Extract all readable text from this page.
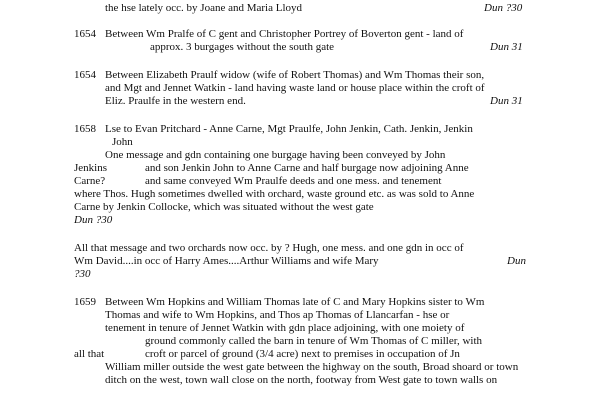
the hse lately occ. by Joane and Maria Lloyd	Dun ?30
1654 Between Wm Pralfe of C gent and Christopher Portrey of Boverton gent - land of
approx. 3 burgages without the south gate	Dun 31
1654 Between Elizabeth Praulf widow (wife of Robert Thomas) and Wm Thomas their son,
and Mgt and Jennet Watkin - land having waste land or house place within the croft of
Eliz. Praulfe in the western end.	Dun 31
1658 Lse to Evan Pritchard - Anne Carne, Mgt Praulfe, John Jenkin, Cath. Jenkin, Jenkin
John
One message and gdn containing one burgage having been conveyed by John
Jenkins	and son Jenkin John to Anne Carne and half burgage now adjoining Anne
Carne?	and same conveyed Wm Praulfe deeds and one mess. and tenement
where Thos. Hugh sometimes dwelled with orchard, waste ground etc. as was sold to Anne
Carne by Jenkin Collocke, which was situated without the west gate
Dun ?30
All that message and two orchards now occ. by ? Hugh, one mess. and one gdn in occ of
Wm David....in occ of Harry Ames....Arthur Williams and wife Mary	Dun
?30
1659 Between Wm Hopkins and William Thomas late of C and Mary Hopkins sister to Wm
Thomas and wife to Wm Hopkins, and Thos ap Thomas of Llancarfan - hse or
tenement in tenure of Jennet Watkin with gdn place adjoining, with one moiety of
ground commonly called the barn in tenure of Wm Thomas of C miller, with
all that	croft or parcel of ground (3/4 acre) next to premises in occupation of Jn
William miller outside the west gate between the highway on the south, Broad shoard or town
ditch on the west, town wall close on the north, footway from West gate to town walls on
